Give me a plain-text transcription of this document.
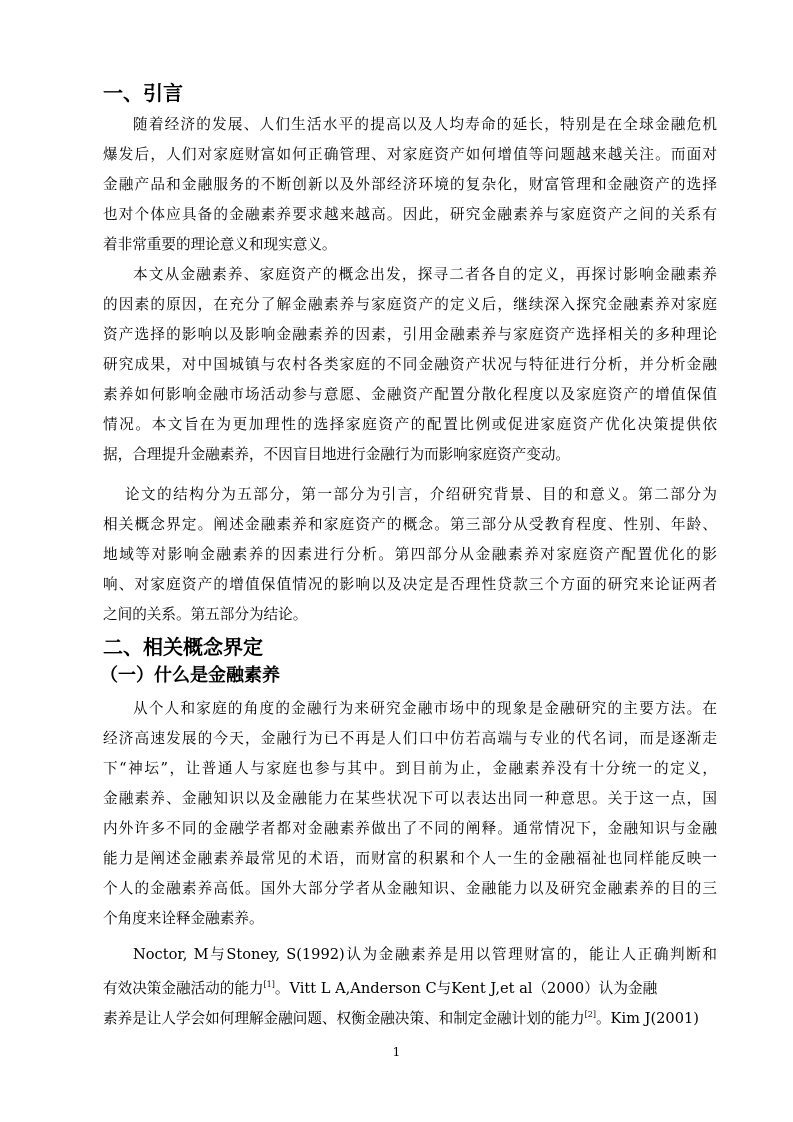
一、引言
随着经济的发展、人们生活水平的提高以及人均寿命的延长，特别是在全球金融危机
爆发后，人们对家庭财富如何正确管理、对家庭资产如何增值等问题越来越关注。而面对
金融产品和金融服务的不断创新以及外部经济环境的复杂化，财富管理和金融资产的选择
也对个体应具备的金融素养要求越来越高。因此，研究金融素养与家庭资产之间的关系有
着非常重要的理论意义和现实意义。
本文从金融素养、家庭资产的概念出发，探寻二者各自的定义，再探讨影响金融素养
的因素的原因，在充分了解金融素养与家庭资产的定义后，继续深入探究金融素养对家庭
资产选择的影响以及影响金融素养的因素，引用金融素养与家庭资产选择相关的多种理论
研究成果，对中国城镇与农村各类家庭的不同金融资产状况与特征进行分析，并分析金融
素养如何影响金融市场活动参与意愿、金融资产配置分散化程度以及家庭资产的增值保值
情况。本文旨在为更加理性的选择家庭资产的配置比例或促进家庭资产优化决策提供依
据，合理提升金融素养，不因盲目地进行金融行为而影响家庭资产变动。
论文的结构分为五部分，第一部分为引言，介绍研究背景、目的和意义。第二部分为
相关概念界定。阐述金融素养和家庭资产的概念。第三部分从受教育程度、性别、年龄、
地域等对影响金融素养的因素进行分析。第四部分从金融素养对家庭资产配置优化的影
响、对家庭资产的增值保值情况的影响以及决定是否理性贷款三个方面的研究来论证两者
之间的关系。第五部分为结论。
二、相关概念界定
（一）什么是金融素养
从个人和家庭的角度的金融行为来研究金融市场中的现象是金融研究的主要方法。在
经济高速发展的今天，金融行为已不再是人们口中仿若高端与专业的代名词，而是逐渐走
下“神坛”，让普通人与家庭也参与其中。到目前为止，金融素养没有十分统一的定义，
金融素养、金融知识以及金融能力在某些状况下可以表达出同一种意思。关于这一点，国
内外许多不同的金融学者都对金融素养做出了不同的阐释。通常情况下，金融知识与金融
能力是阐述金融素养最常见的术语，而财富的积累和个人一生的金融福祉也同样能反映一
个人的金融素养高低。国外大部分学者从金融知识、金融能力以及研究金融素养的目的三
个角度来诠释金融素养。
Noctor, M与Stoney, S(1992)认为金融素养是用以管理财富的，能让人正确判断和
有效决策金融活动的能力[1]。Vitt L A,Anderson C与Kent J,et al（2000）认为金融
素养是让人学会如何理解金融问题、权衡金融决策、和制定金融计划的能力[2]。Kim J(2001)
1
